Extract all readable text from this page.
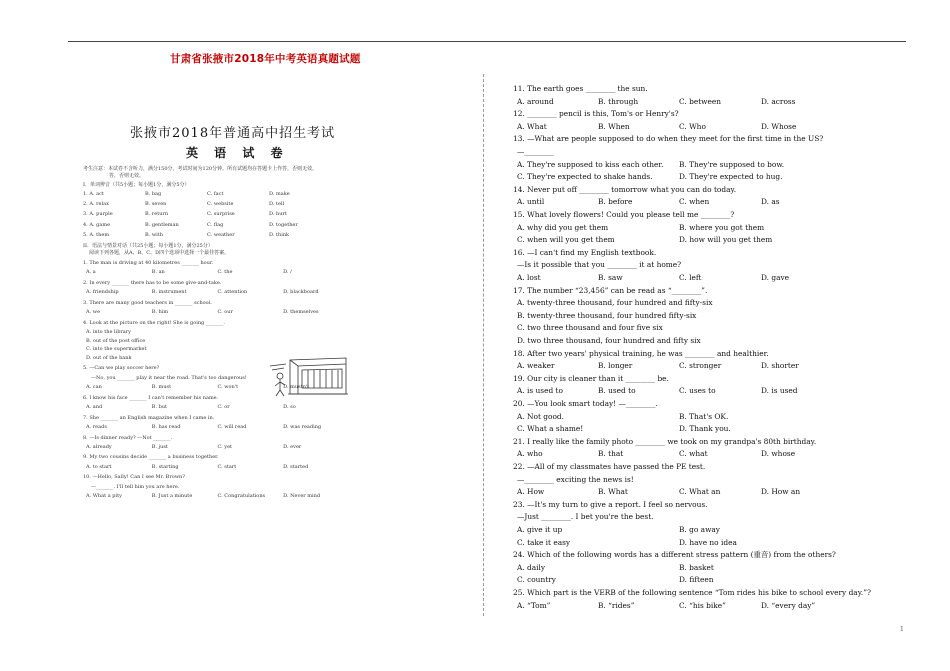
甘肃省张掖市2018年中考英语真题试题
张掖市2018年普通高中招生考试
英 语 试 卷
考生注意：本试卷不含听力，满分150分，考试时间为120分钟。所有试题均在答题卡上作答，否则无效。
答，否则无效。
I．单词辨音（共5小题；每小题1分，满分5分）
1. A. act	B. bag	C. fact	D. make
2. A. relax	B. seven	C. website	D. tell
3. A. purple	B. return	C. surprise	D. hurt
4. A. game	B. gentleman	C. flag	D. together
5. A. them	B. with	C. weather	D. think
II．语法与情景对话（共25小题；每小题1分，满分25分）
阅读下列各题，从A、B、C、D四个选项中选择一个最佳答案。
1. The man is driving at 40 kilometres _______ hour.
A. a	B. an	C. the	D. /
2. In every _______ there has to be some give-and-take.
A. friendship	B. instrument	C. attention	D. blackboard
3. There are many good teachers in _______ school.
A. we	B. him	C. our	D. themselves
4. Look at the picture on the right! She is going _______.
A. into the library
B. out of the post office
C. into the supermarket
D. out of the bank
5. —Can we play soccer here?
—No, you _______ play it near the road. That's too dangerous!
A. can	B. must	C. won't	D. mustn't
6. I know his face _______ I can't remember his name.
A. and	B. but	C. or	D. so
7. She _______ an English magazine when I came in.
A. reads	B. has read	C. will read	D. was reading
8. —Is dinner ready? —Not _______.
A. already	B. just	C. yet	D. ever
9. My two cousins decide _______ a business together.
A. to start	B. starting	C. start	D. started
10. —Hello, Sally! Can I see Mr. Brown?
—_______. I'll tell him you are here.
A. What a pity	B. Just a minute	C. Congratulations	D. Never mind
11. The earth goes ________ the sun.
A. around	B. through	C. between	D. across
12. ________ pencil is this, Tom's or Henry's?
A. What	B. When	C. Who	D. Whose
13. —What are people supposed to do when they meet for the first time in the US?
—________
A. They're supposed to kiss each other. B. They're supposed to bow.
C. They're expected to shake hands.	D. They're expected to hug.
14. Never put off ________ tomorrow what you can do today.
A. until	B. before	C. when	D. as
15. What lovely flowers! Could you please tell me ________?
A. why did you get them	B. where you got them
C. when will you get them	D. how will you get them
16. —I can't find my English textbook.
—Is it possible that you ________ it at home?
A. lost	B. saw	C. left	D. gave
17. The number “23,456” can be read as “________”.
A. twenty-three thousand, four hundred and fifty-six
B. twenty-three thousand, four hundred fifty-six
C. two three thousand and four five six
D. two three thousand, four hundred and fifty six
18. After two years' physical training, he was ________ and healthier.
A. weaker	B. longer	C. stronger	D. shorter
19. Our city is cleaner than it ________ be.
A. is used to	B. used to	C. uses to	D. is used
20. —You look smart today! —________.
A. Not good.	B. That's OK.
C. What a shame!	D. Thank you.
21. I really like the family photo ________ we took on my grandpa's 80th birthday.
A. who	B. that	C. what	D. whose
22. —All of my classmates have passed the PE test.
—________ exciting the news is!
A. How	B. What	C. What an	D. How an
23. —It's my turn to give a report. I feel so nervous.
—Just ________. I bet you're the best.
A. give it up	B. go away
C. take it easy	D. have no idea
24. Which of the following words has a different stress pattern (重音) from the others?
A. daily	B. basket
C. country	D. fifteen
25. Which part is the VERB of the following sentence “Tom rides his bike to school every day.”?
A. “Tom”	B. “rides”	C. “his bike”	D. “every day”
1
